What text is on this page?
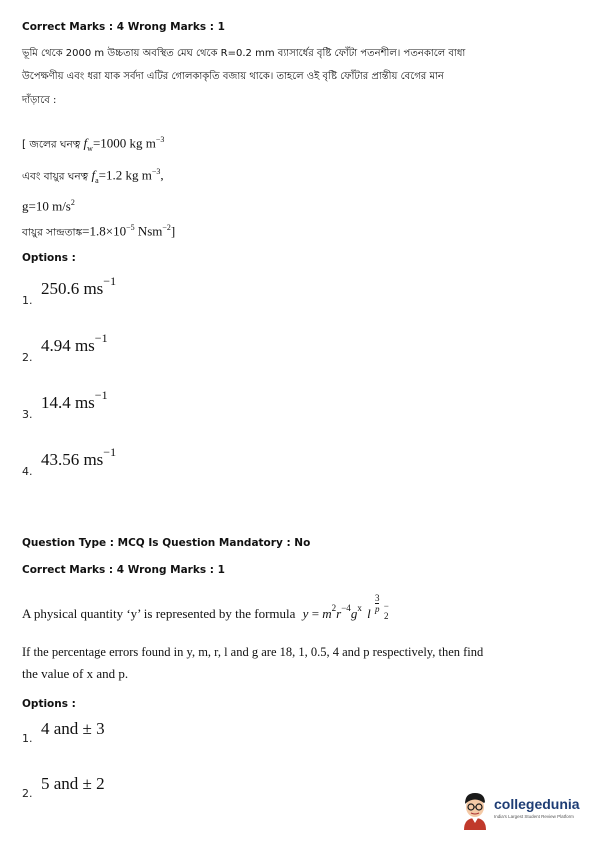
Correct Marks : 4 Wrong Marks : 1
ভূমি থেকে 2000 m উচ্চতায় অবস্থিত মেঘ থেকে R=0.2 mm ব্যাসার্ধের বৃষ্টি ফোঁটা পতনশীল। পতনকালে বাধা
উপেক্ষণীয় এবং ধরা যাক সর্বদা এটির গোলকাকৃতি বজায় থাকে। তাহলে ওই বৃষ্টি ফোঁটার প্রান্তীয় বেগের মান
দাঁড়াবে :
[ জলের ঘনত্ব $f_w=1000$ kg $m^{-3}$
এবং বায়ুর ঘনত্ব $f_a=1.2$ kg $m^{-3}$,
g=10 $m/s^2$
বায়ুর $সান্দ্রতাঙ্ক=1.8\times 10^{-5}$ Nsm$^{-2}$]
Options :
$_{1.}$ 250.6 $ms^{-1}$
$_{2.}$ 4.94 $ms^{-1}$
$_{3.}$ 14.4 $ms^{-1}$
$_{4.}$ 43.56 $ms^{-1}$
Question Type : MCQ Is Question Mandatory : No
Correct Marks : 4 Wrong Marks : 1
A physical quantity ‘y’ is represented by the formula $y = m^2r^{-4}g^x$ l $\frac{3}{p}$
−
2
If the percentage errors found in y, m, r, l and g are 18, 1, 0.5, 4 and p respectively, then find
the value of x and p.
Options :
$_{1.}$ 4 and ± 3
$_{2.}$ 5 and ± 2
collegedunia
India's Largest Student Review Platform
